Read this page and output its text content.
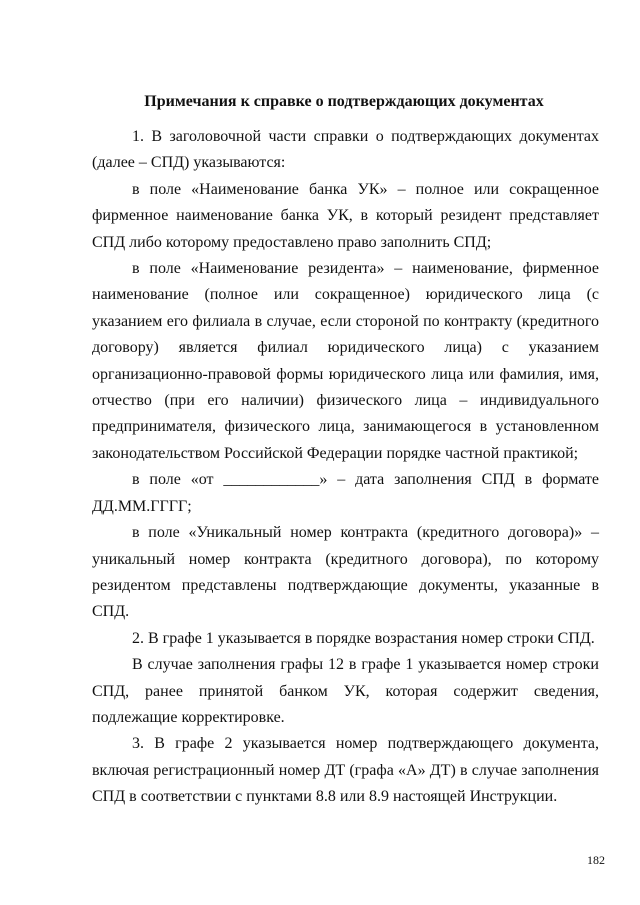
Примечания к справке о подтверждающих документах

1. В заголовочной части справки о подтверждающих документах (далее – СПД) указываются:

в поле «Наименование банка УК» – полное или сокращенное фирменное наименование банка УК, в который резидент представляет СПД либо которому предоставлено право заполнить СПД;

в поле «Наименование резидента» – наименование, фирменное наименование (полное или сокращенное) юридического лица (с указанием его филиала в случае, если стороной по контракту (кредитного договору) является филиал юридического лица) с указанием организационно-правовой формы юридического лица или фамилия, имя, отчество (при его наличии) физического лица – индивидуального предпринимателя, физического лица, занимающегося в установленном законодательством Российской Федерации порядке частной практикой;

в поле «от ____________» – дата заполнения СПД в формате ДД.ММ.ГГГГ;

в поле «Уникальный номер контракта (кредитного договора)» – уникальный номер контракта (кредитного договора), по которому резидентом представлены подтверждающие документы, указанные в СПД.

2. В графе 1 указывается в порядке возрастания номер строки СПД.

В случае заполнения графы 12 в графе 1 указывается номер строки СПД, ранее принятой банком УК, которая содержит сведения, подлежащие корректировке.

3. В графе 2 указывается номер подтверждающего документа, включая регистрационный номер ДТ (графа «А» ДТ) в случае заполнения СПД в соответствии с пунктами 8.8 или 8.9 настоящей Инструкции.

182
